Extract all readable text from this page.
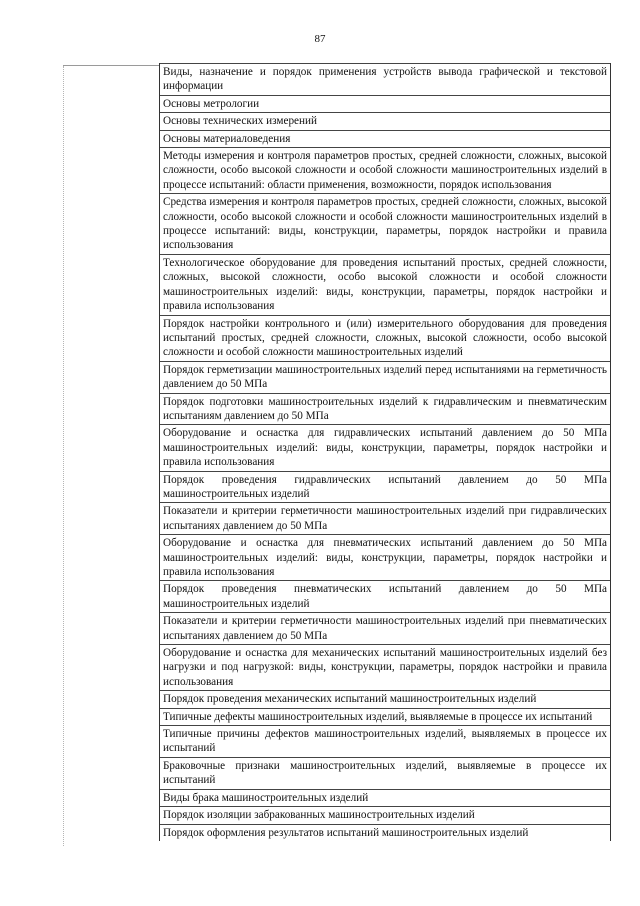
87
Виды, назначение и порядок применения устройств вывода графической и текстовой информации
Основы метрологии
Основы технических измерений
Основы материаловедения
Методы измерения и контроля параметров простых, средней сложности, сложных, высокой сложности, особо высокой сложности и особой сложности машиностроительных изделий в процессе испытаний: области применения, возможности, порядок использования
Средства измерения и контроля параметров простых, средней сложности, сложных, высокой сложности, особо высокой сложности и особой сложности машиностроительных изделий в процессе испытаний: виды, конструкции, параметры, порядок настройки и правила использования
Технологическое оборудование для проведения испытаний простых, средней сложности, сложных, высокой сложности, особо высокой сложности и особой сложности машиностроительных изделий: виды, конструкции, параметры, порядок настройки и правила использования
Порядок настройки контрольного и (или) измерительного оборудования для проведения испытаний простых, средней сложности, сложных, высокой сложности, особо высокой сложности и особой сложности машиностроительных изделий
Порядок герметизации машиностроительных изделий перед испытаниями на герметичность давлением до 50 МПа
Порядок подготовки машиностроительных изделий к гидравлическим и пневматическим испытаниям давлением до 50 МПа
Оборудование и оснастка для гидравлических испытаний давлением до 50 МПа машиностроительных изделий: виды, конструкции, параметры, порядок настройки и правила использования
Порядок проведения гидравлических испытаний давлением до 50 МПа машиностроительных изделий
Показатели и критерии герметичности машиностроительных изделий при гидравлических испытаниях давлением до 50 МПа
Оборудование и оснастка для пневматических испытаний давлением до 50 МПа машиностроительных изделий: виды, конструкции, параметры, порядок настройки и правила использования
Порядок проведения пневматических испытаний давлением до 50 МПа машиностроительных изделий
Показатели и критерии герметичности машиностроительных изделий при пневматических испытаниях давлением до 50 МПа
Оборудование и оснастка для механических испытаний машиностроительных изделий без нагрузки и под нагрузкой: виды, конструкции, параметры, порядок настройки и правила использования
Порядок проведения механических испытаний машиностроительных изделий
Типичные дефекты машиностроительных изделий, выявляемые в процессе их испытаний
Типичные причины дефектов машиностроительных изделий, выявляемых в процессе их испытаний
Браковочные признаки машиностроительных изделий, выявляемые в процессе их испытаний
Виды брака машиностроительных изделий
Порядок изоляции забракованных машиностроительных изделий
Порядок оформления результатов испытаний машиностроительных изделий
